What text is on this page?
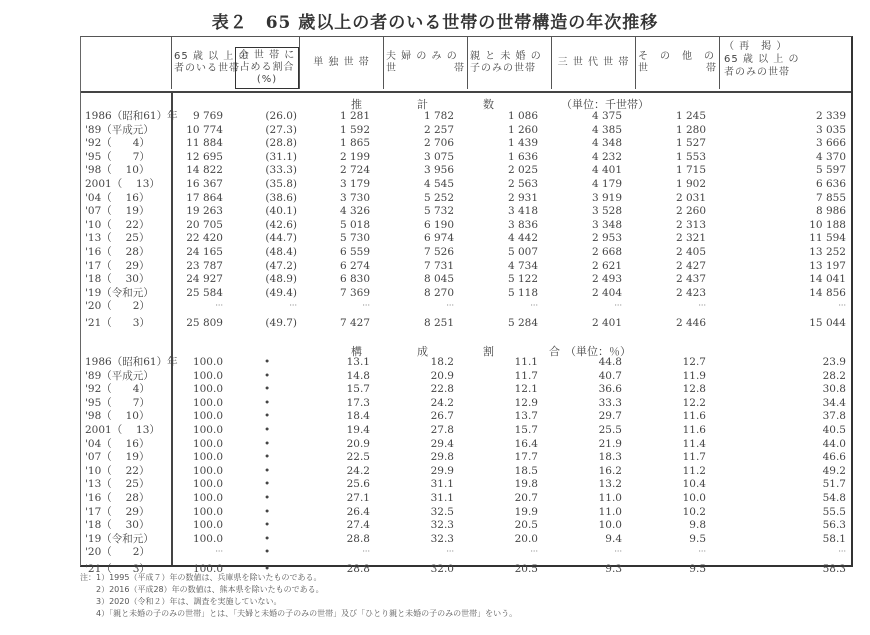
表２　65 歳以上の者のいる世帯の世帯構造の年次推移
65 歳 以 上 の
者のいる世帯
全 世 帯 に
占める割合
(%)
単 独 世 帯
夫 婦 の み の
世	帯
親 と 未 婚 の
子のみの世帯
三 世 代 世 帯
そ　の　他　の
世	帯
（ 再　掲 ）
65 歳 以 上 の
者のみの世帯
推　　　　　計　　　　　数	（単位：千世帯）
構　　　　　成　　　　　割　　　　　合 （単位：％）
1986（昭和61）年 9 769	(26.0)	1 281	1 782	1 086	4 375	1 245	2 339
'89（平成元）	10 774	(27.3)	1 592	2 257	1 260	4 385	1 280	3 035
'92（　　4）	11 884	(28.8)	1 865	2 706	1 439	4 348	1 527	3 666
'95（　　7）	12 695	(31.1)	2 199	3 075	1 636	4 232	1 553	4 370
'98（　 10）	14 822	(33.3)	2 724	3 956	2 025	4 401	1 715	5 597
2001（　 13）	16 367	(35.8)	3 179	4 545	2 563	4 179	1 902	6 636
'04（　 16）	17 864	(38.6)	3 730	5 252	2 931	3 919	2 031	7 855
'07（　 19）	19 263	(40.1)	4 326	5 732	3 418	3 528	2 260	8 986
'10（　 22）	20 705	(42.6)	5 018	6 190	3 836	3 348	2 313	10 188
'13（　 25）	22 420	(44.7)	5 730	6 974	4 442	2 953	2 321	11 594
'16（　 28）	24 165	(48.4)	6 559	7 526	5 007	2 668	2 405	13 252
'17（　 29）	23 787	(47.2)	6 274	7 731	4 734	2 621	2 427	13 197
'18（　 30）	24 927	(48.9)	6 830	8 045	5 122	2 493	2 437	14 041
'19（令和元）	25 584	(49.4)	7 369	8 270	5 118	2 404	2 423	14 856
'20（　　2）	···	···	···	···	···	···	···	···
'21（　　3）	25 809	(49.7)	7 427	8 251	5 284	2 401	2 446	15 044
1986（昭和61）年 100.0	•	13.1	18.2	11.1	44.8	12.7	23.9
'89（平成元）	100.0	•	14.8	20.9	11.7	40.7	11.9	28.2
'92（　　4）	100.0	•	15.7	22.8	12.1	36.6	12.8	30.8
'95（　　7）	100.0	•	17.3	24.2	12.9	33.3	12.2	34.4
'98（　 10）	100.0	•	18.4	26.7	13.7	29.7	11.6	37.8
2001（　 13）	100.0	•	19.4	27.8	15.7	25.5	11.6	40.5
'04（　 16）	100.0	•	20.9	29.4	16.4	21.9	11.4	44.0
'07（　 19）	100.0	•	22.5	29.8	17.7	18.3	11.7	46.6
'10（　 22）	100.0	•	24.2	29.9	18.5	16.2	11.2	49.2
'13（　 25）	100.0	•	25.6	31.1	19.8	13.2	10.4	51.7
'16（　 28）	100.0	•	27.1	31.1	20.7	11.0	10.0	54.8
'17（　 29）	100.0	•	26.4	32.5	19.9	11.0	10.2	55.5
'18（　 30）	100.0	•	27.4	32.3	20.5	10.0	9.8	56.3
'19（令和元）	100.0	•	28.8	32.3	20.0	9.4	9.5	58.1
'20（　　2）	···	•	···	···	···	···	···	···
'21（　　3）	100.0	•	28.8	32.0	20.5	9.3	9.5	58.3
注：1）1995（平成７）年の数値は、兵庫県を除いたものである。
　　2）2016（平成28）年の数値は、熊本県を除いたものである。
　　3）2020（令和２）年は、調査を実施していない。
　　4）「親と未婚の子のみの世帯」とは、「夫婦と未婚の子のみの世帯」及び「ひとり親と未婚の子のみの世帯」をいう。
